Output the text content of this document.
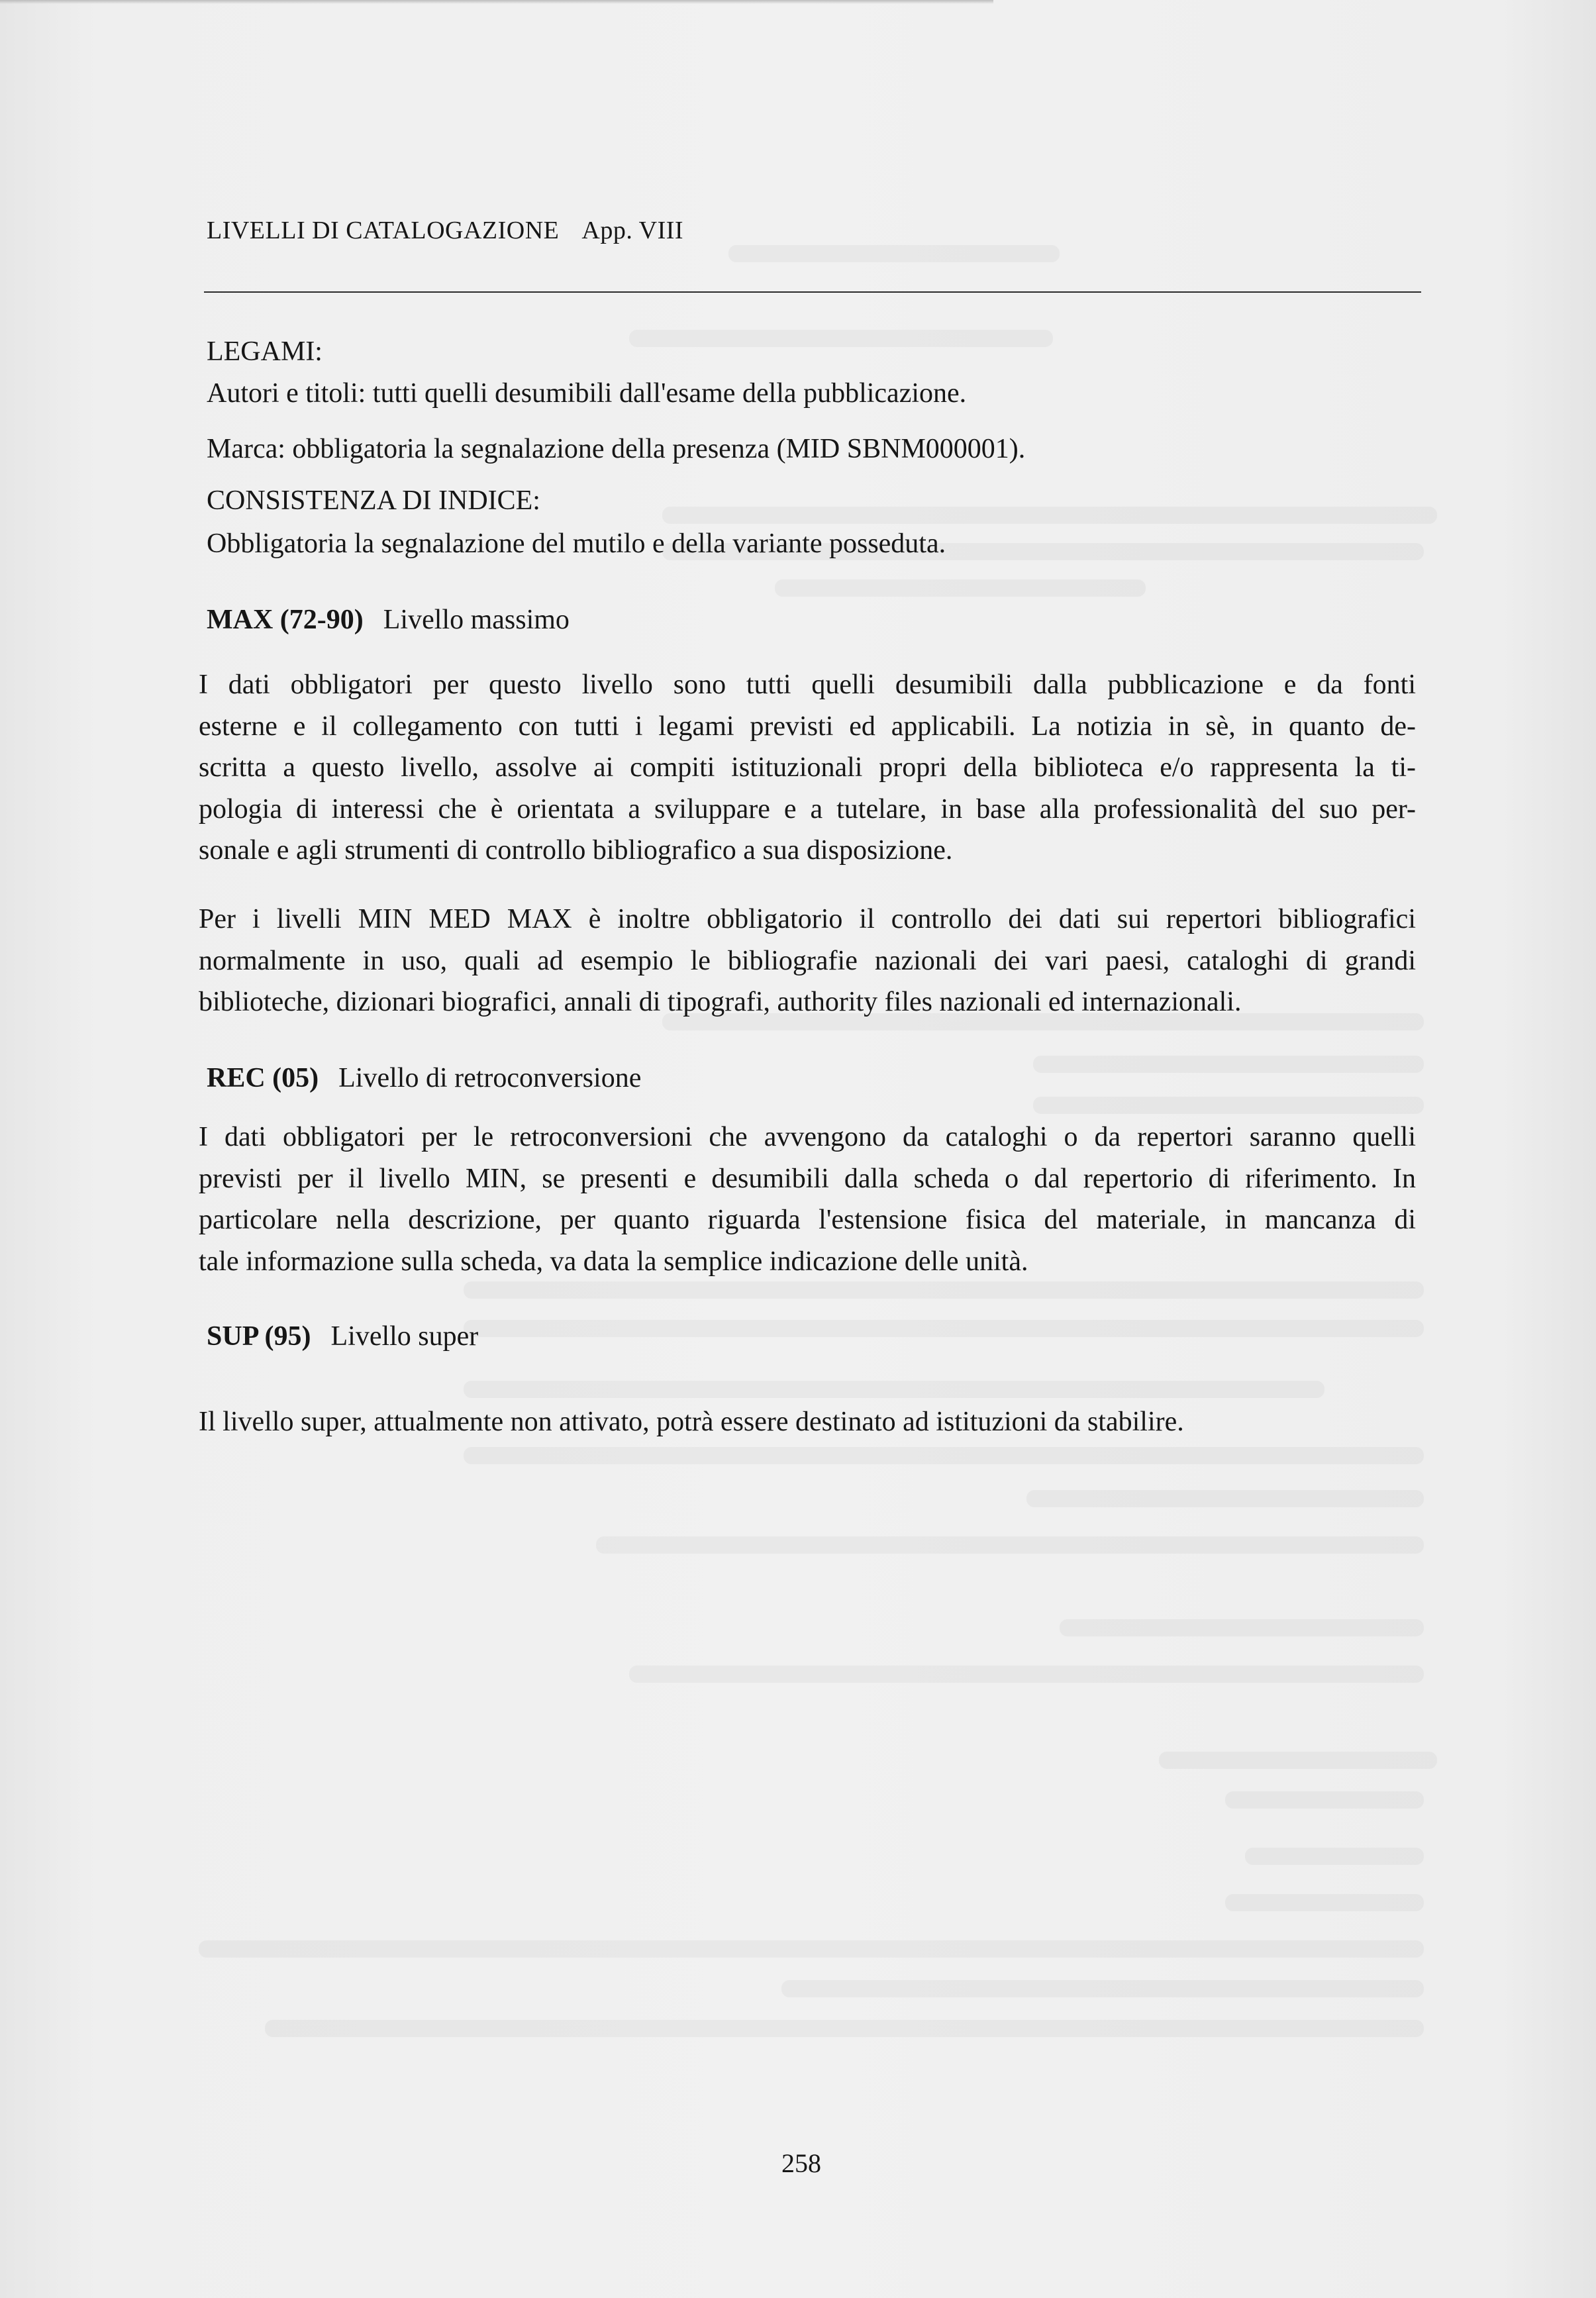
LIVELLI DI CATALOGAZIONE App. VIII
LEGAMI:
Autori e titoli: tutti quelli desumibili dall'esame della pubblicazione.
Marca: obbligatoria la segnalazione della presenza (MID SBNM000001).
CONSISTENZA DI INDICE:
Obbligatoria la segnalazione del mutilo e della variante posseduta.
MAX (72-90) Livello massimo
I dati obbligatori per questo livello sono tutti quelli desumibili dalla pubblicazione e da fonti
esterne e il collegamento con tutti i legami previsti ed applicabili. La notizia in sè, in quanto de-
scritta a questo livello, assolve ai compiti istituzionali propri della biblioteca e/o rappresenta la ti-
pologia di interessi che è orientata a sviluppare e a tutelare, in base alla professionalità del suo per-
sonale e agli strumenti di controllo bibliografico a sua disposizione.
Per i livelli MIN MED MAX è inoltre obbligatorio il controllo dei dati sui repertori bibliografici
normalmente in uso, quali ad esempio le bibliografie nazionali dei vari paesi, cataloghi di grandi
biblioteche, dizionari biografici, annali di tipografi, authority files nazionali ed internazionali.
REC (05) Livello di retroconversione
I dati obbligatori per le retroconversioni che avvengono da cataloghi o da repertori saranno quelli
previsti per il livello MIN, se presenti e desumibili dalla scheda o dal repertorio di riferimento. In
particolare nella descrizione, per quanto riguarda l'estensione fisica del materiale, in mancanza di
tale informazione sulla scheda, va data la semplice indicazione delle unità.
SUP (95) Livello super
Il livello super, attualmente non attivato, potrà essere destinato ad istituzioni da stabilire.
258
